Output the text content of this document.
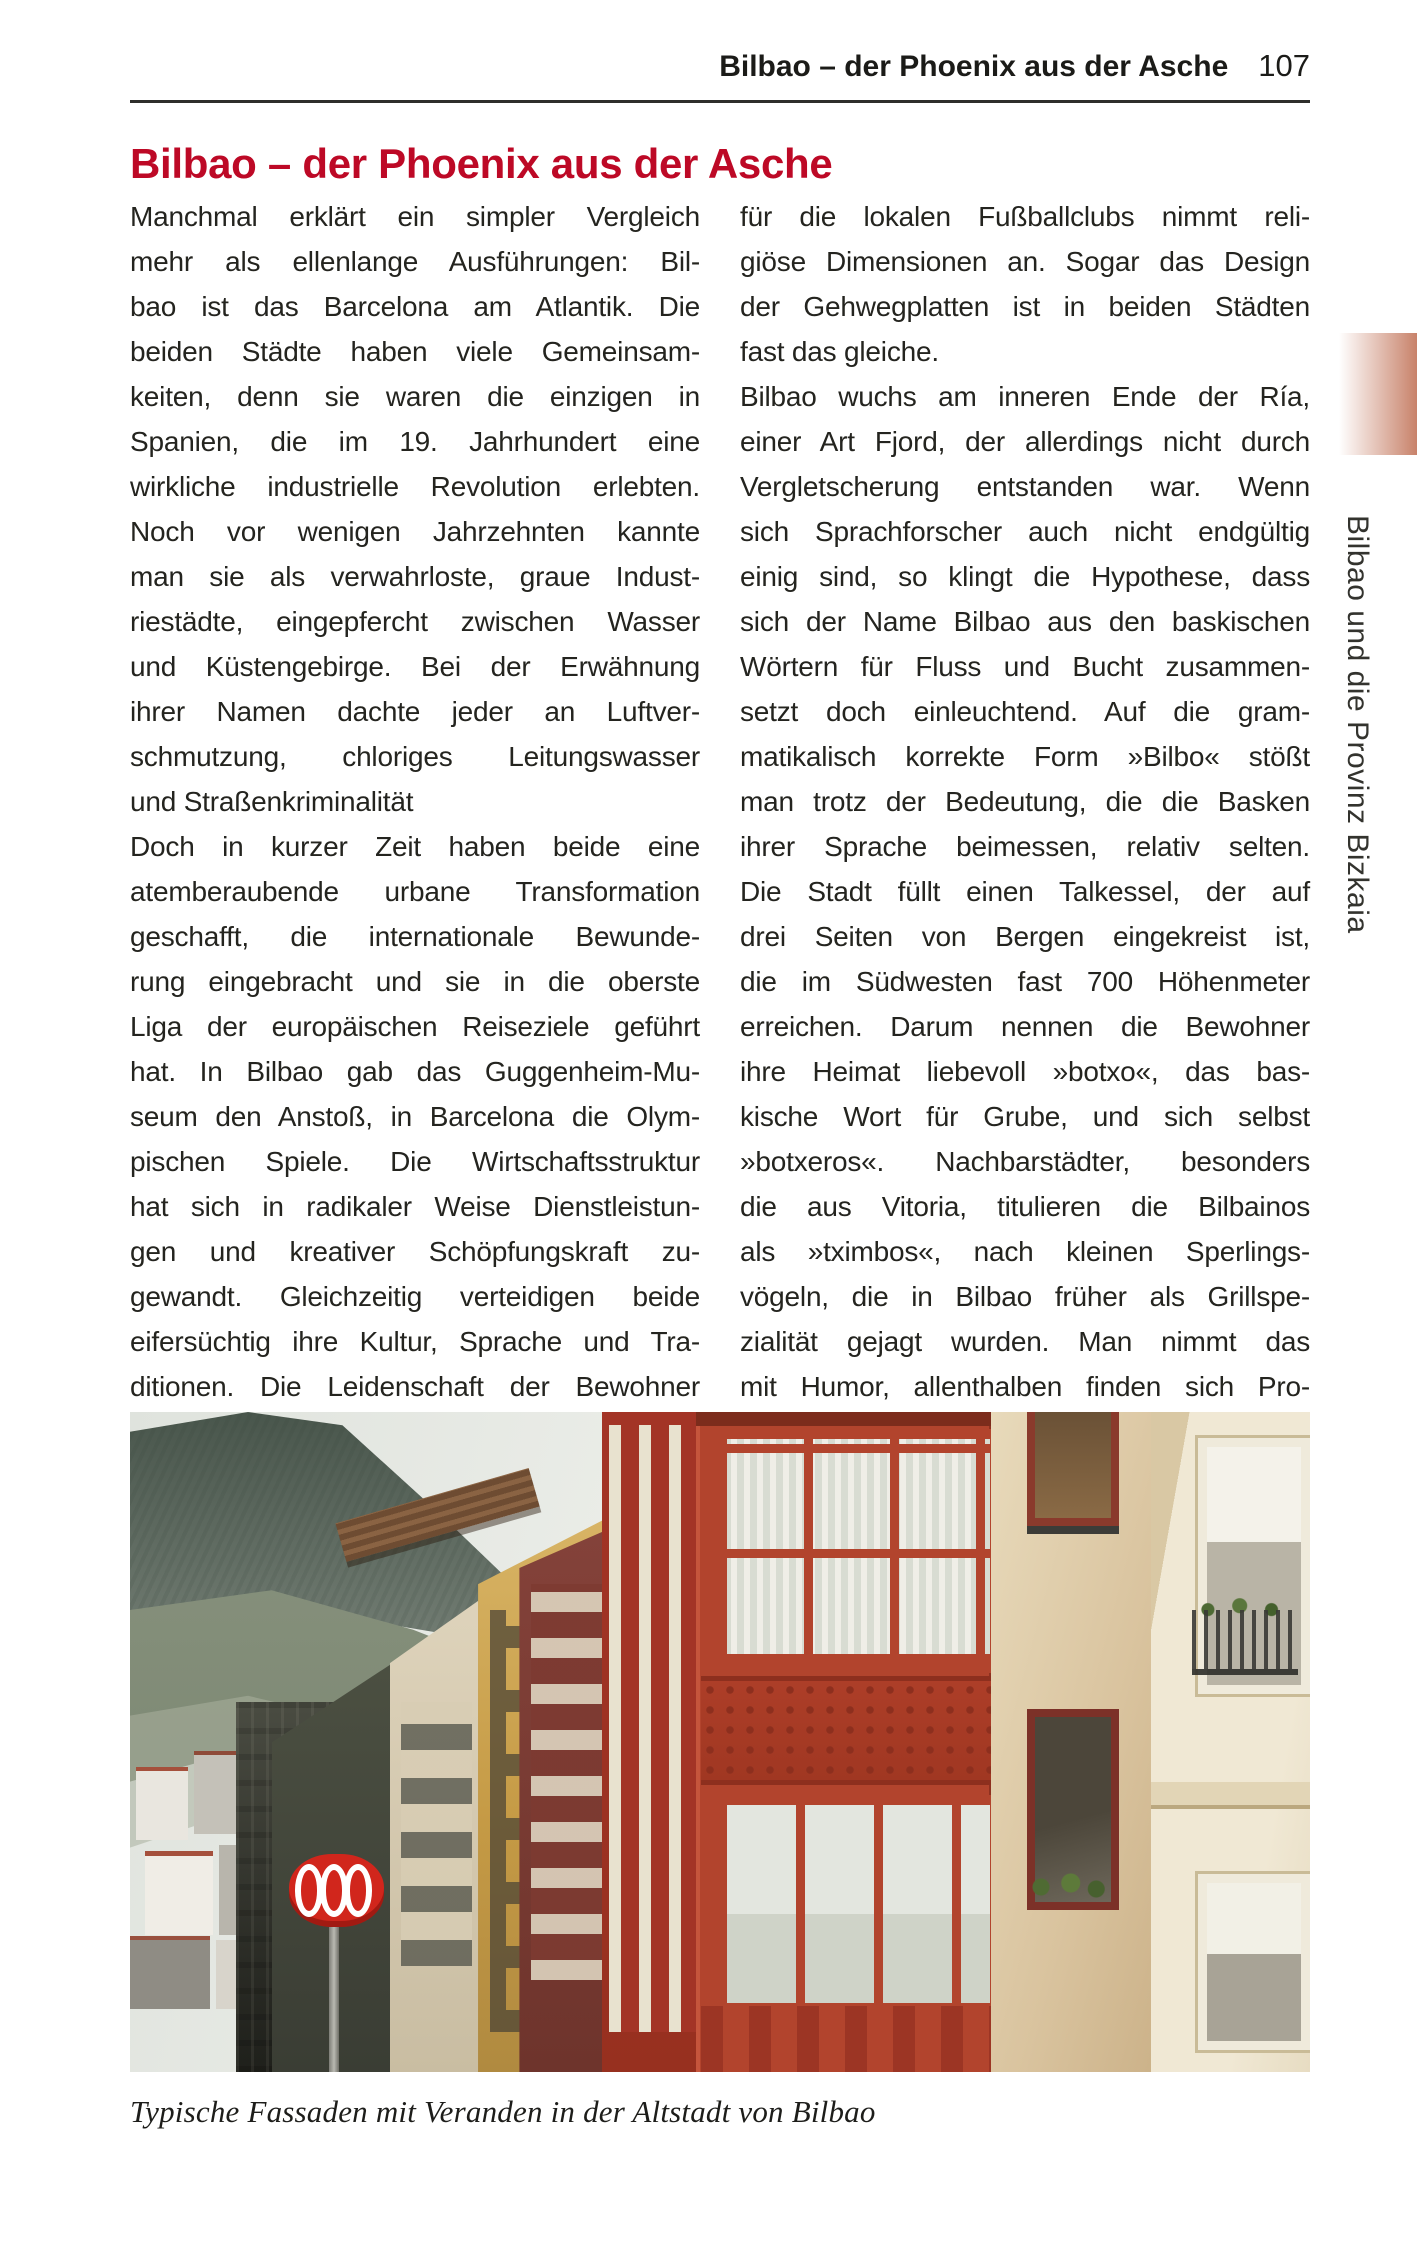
Bilbao – der Phoenix aus der Asche 107
Bilbao – der Phoenix aus der Asche
Manchmal erklärt ein simpler Vergleich
mehr als ellenlange Ausführungen: Bil-
bao ist das Barcelona am Atlantik. Die
beiden Städte haben viele Gemeinsam-
keiten, denn sie waren die einzigen in
Spanien, die im 19. Jahrhundert eine
wirkliche industrielle Revolution erlebten.
Noch vor wenigen Jahrzehnten kannte
man sie als verwahrloste, graue Indust-
riestädte, eingepfercht zwischen Wasser
und Küstengebirge. Bei der Erwähnung
ihrer Namen dachte jeder an Luftver-
schmutzung, chloriges Leitungswasser
und Straßenkriminalität
Doch in kurzer Zeit haben beide eine
atemberaubende urbane Transformation
geschafft, die internationale Bewunde-
rung eingebracht und sie in die oberste
Liga der europäischen Reiseziele geführt
hat. In Bilbao gab das Guggenheim-Mu-
seum den Anstoß, in Barcelona die Olym-
pischen Spiele. Die Wirtschaftsstruktur
hat sich in radikaler Weise Dienstleistun-
gen und kreativer Schöpfungskraft zu-
gewandt. Gleichzeitig verteidigen beide
eifersüchtig ihre Kultur, Sprache und Tra-
ditionen. Die Leidenschaft der Bewohner
für die lokalen Fußballclubs nimmt reli-
giöse Dimensionen an. Sogar das Design
der Gehwegplatten ist in beiden Städten
fast das gleiche.
Bilbao wuchs am inneren Ende der Ría,
einer Art Fjord, der allerdings nicht durch
Vergletscherung entstanden war. Wenn
sich Sprachforscher auch nicht endgültig
einig sind, so klingt die Hypothese, dass
sich der Name Bilbao aus den baskischen
Wörtern für Fluss und Bucht zusammen-
setzt doch einleuchtend. Auf die gram-
matikalisch korrekte Form »Bilbo« stößt
man trotz der Bedeutung, die die Basken
ihrer Sprache beimessen, relativ selten.
Die Stadt füllt einen Talkessel, der auf
drei Seiten von Bergen eingekreist ist,
die im Südwesten fast 700 Höhenmeter
erreichen. Darum nennen die Bewohner
ihre Heimat liebevoll »botxo«, das bas-
kische Wort für Grube, und sich selbst
»botxeros«. Nachbarstädter, besonders
die aus Vitoria, titulieren die Bilbainos
als »tximbos«, nach kleinen Sperlings-
vögeln, die in Bilbao früher als Grillspe-
zialität gejagt wurden. Man nimmt das
mit Humor, allenthalben finden sich Pro-
Bilbao und die Provinz Bizkaia
Typische Fassaden mit Veranden in der Altstadt von Bilbao
